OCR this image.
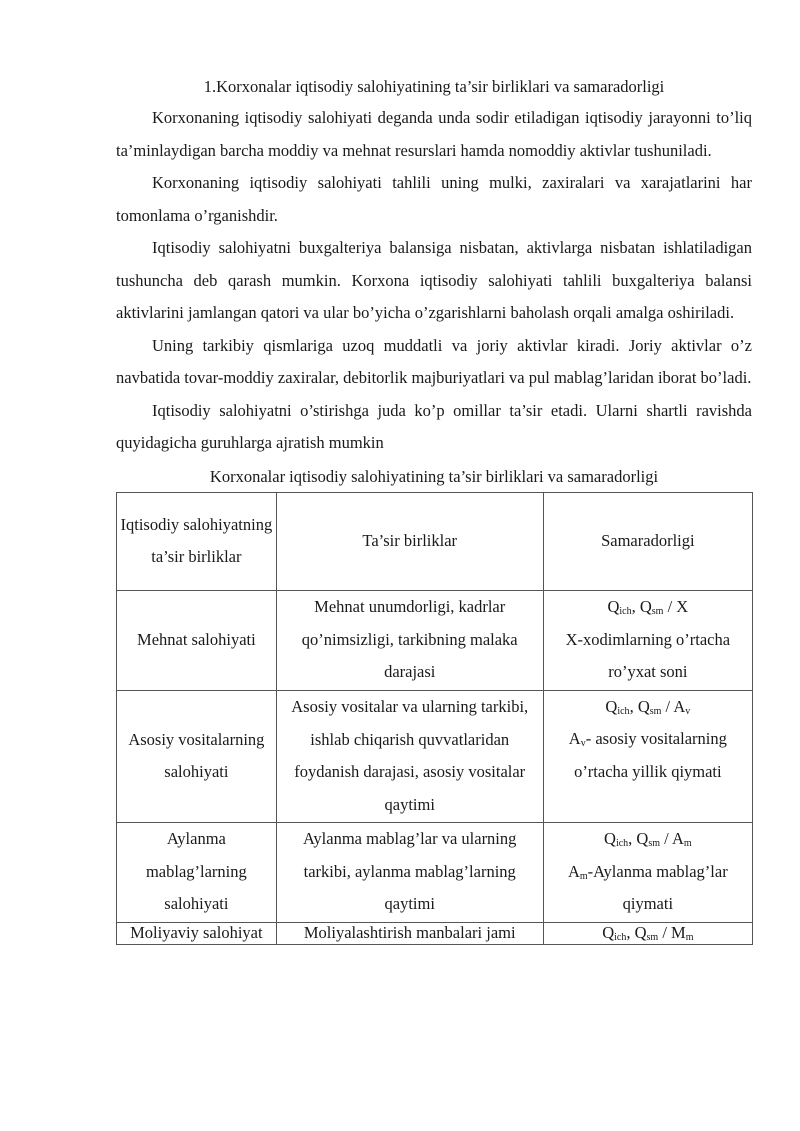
1.Korxonalar iqtisodiy salohiyatining ta’sir birliklari va samaradorligi

Korxonaning iqtisodiy salohiyati deganda unda sodir etiladigan iqtisodiy jarayonni to’liq ta’minlaydigan barcha moddiy va mehnat resurslari hamda nomoddiy aktivlar tushuniladi.

Korxonaning iqtisodiy salohiyati tahlili uning mulki, zaxiralari va xarajatlarini har tomonlama o’rganishdir.

Iqtisodiy salohiyatni buxgalteriya balansiga nisbatan, aktivlarga nisbatan ishlatiladigan tushuncha deb qarash mumkin. Korxona iqtisodiy salohiyati tahlili buxgalteriya balansi aktivlarini jamlangan qatori va ular bo’yicha o’zgarishlarni baholash orqali amalga oshiriladi.

Uning tarkibiy qismlariga uzoq muddatli va joriy aktivlar kiradi. Joriy aktivlar o’z navbatida tovar-moddiy zaxiralar, debitorlik majburiyatlari va pul mablag’laridan iborat bo’ladi.

Iqtisodiy salohiyatni o’stirishga juda ko’p omillar ta’sir etadi. Ularni shartli ravishda quyidagicha guruhlarga ajratish mumkin

Korxonalar iqtisodiy salohiyatining ta’sir birliklari va samaradorligi

Iqtisodiy salohiyatning ta’sir birliklar	Ta’sir birliklar	Samaradorligi
Mehnat salohiyati	Mehnat unumdorligi, kadrlar qo’nimsizligi, tarkibning malaka darajasi	$Q_{ich}$, $Q_{sm}$ / X
X-xodimlarning o’rtacha ro’yxat soni

Asosiy vositalarning salohiyati	Asosiy vositalar va ularning tarkibi, ishlab chiqarish quvvatlaridan foydanish darajasi, asosiy vositalar qaytimi	$Q_{ich}$, $Q_{sm} / A_v$
$A_v-$ asosiy vositalarning o’rtacha yillik qiymati

Aylanma mablag’larning salohiyati	Aylanma mablag’lar va ularning tarkibi, aylanma mablag’larning qaytimi	$Q_{ich}$, $Q_{sm} / A_m$
$A_m$-Aylanma mablag’lar qiymati

Moliyaviy salohiyat	Moliyalashtirish manbalari jami	$Q_{ich}$, $Q_{sm} / M_m$
